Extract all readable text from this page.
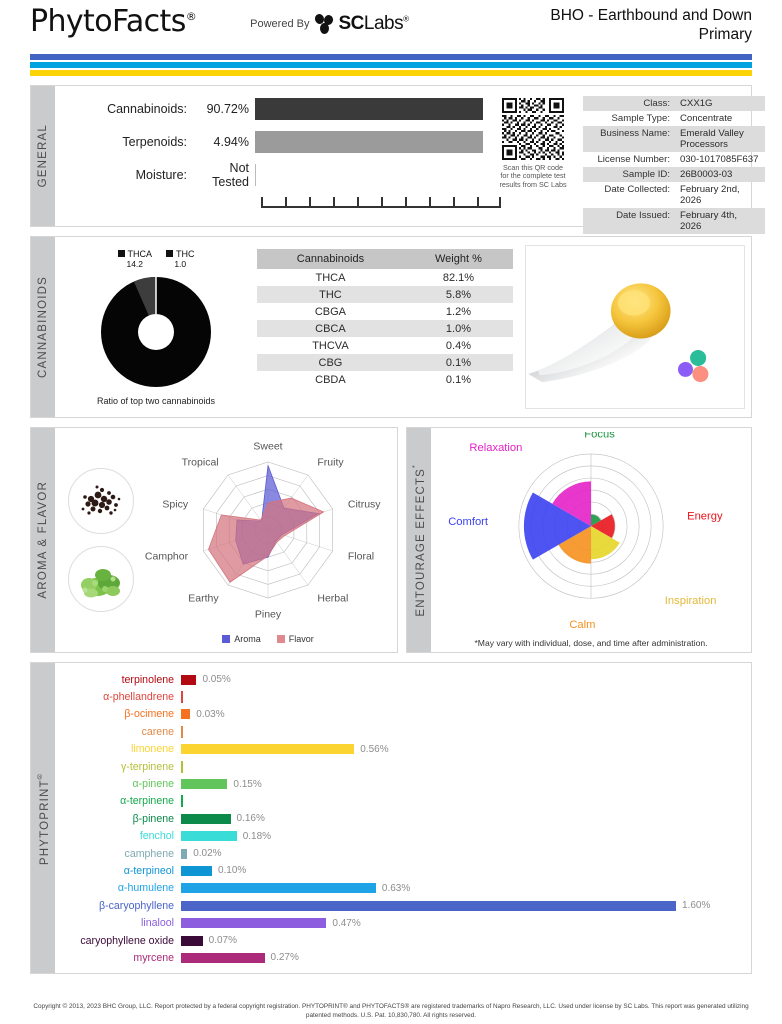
PhytoFacts®
Powered By SCLabs®	BHO - Earthbound and Down
Primary
GENERAL
Cannabinoids:	90.72%
Terpenoids:	4.94%
Moisture:	Not Tested
Scan this QR code
for the complete test
results from SC Labs
Class:	CXX1G
Sample Type:	Concentrate
Business Name:	Emerald Valley Processors
License Number:	030-1017085F637
Sample ID:	26B0003-03
Date Collected:	February 2nd, 2026
Date Issued:	February 4th, 2026
CANNABINOIDS
THCA
14.2
THC
1.0
Ratio of top two cannabinoids
Cannabinoids	Weight %
THCA	82.1%
THC	5.8%
CBGA	1.2%
CBCA	1.0%
THCVA	0.4%
CBG	0.1%
CBDA	0.1%
AROMA & FLAVOR
Sweet
Fruity
Citrusy
Floral
Herbal
Piney
Earthy
Camphor
Spicy
Tropical
Aroma	Flavor
ENTOURAGE EFFECTS*
Focus
Energy
Inspiration
Calm
Comfort
Relaxation
*May vary with individual, dose, and time after administration.
PHYTOPRINT®
terpinolene	0.05%
α-phellandrene
β-ocimene	0.03%
carene
limonene	0.56%
γ-terpinene
α-pinene	0.15%
α-terpinene
β-pinene	0.16%
fenchol	0.18%
camphene	0.02%
α-terpineol	0.10%
α-humulene	0.63%
β-caryophyllene	1.60%
linalool	0.47%
caryophyllene oxide	0.07%
myrcene	0.27%
Copyright © 2013, 2023 BHC Group, LLC. Report protected by a federal copyright registration. PHYTOPRINT® and PHYTOFACTS® are registered trademarks of Napro Research, LLC. Used under license by SC Labs. This report was generated utilizing patented methods. U.S. Pat. 10,830,780. All rights reserved.
